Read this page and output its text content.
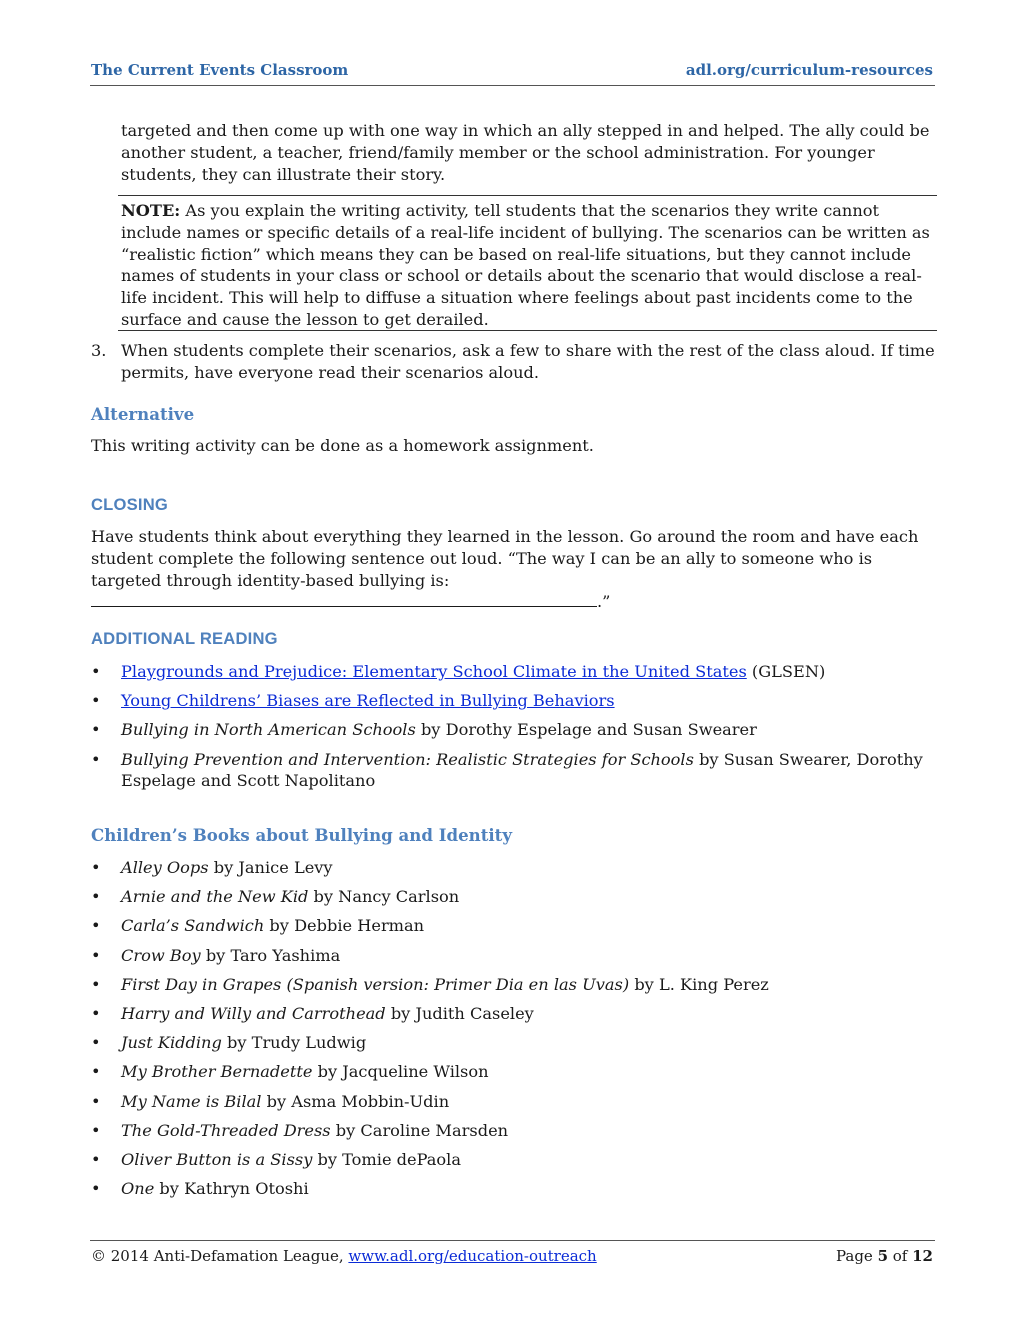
The Current Events Classroom	adl.org/curriculum-resources

targeted and then come up with one way in which an ally stepped in and helped. The ally could be another student, a teacher, friend/family member or the school administration. For younger students, they can illustrate their story.

NOTE: As you explain the writing activity, tell students that the scenarios they write cannot include names or specific details of a real-life incident of bullying. The scenarios can be written as “realistic fiction” which means they can be based on real-life situations, but they cannot include names of students in your class or school or details about the scenario that would disclose a real-life incident. This will help to diffuse a situation where feelings about past incidents come to the surface and cause the lesson to get derailed.

3. When students complete their scenarios, ask a few to share with the rest of the class aloud. If time permits, have everyone read their scenarios aloud.

Alternative

This writing activity can be done as a homework assignment.

CLOSING

Have students think about everything they learned in the lesson. Go around the room and have each student complete the following sentence out loud. “The way I can be an ally to someone who is targeted through identity-based bullying is: .”

ADDITIONAL READING
• Playgrounds and Prejudice: Elementary School Climate in the United States (GLSEN)
• Young Childrens’ Biases are Reflected in Bullying Behaviors
• Bullying in North American Schools by Dorothy Espelage and Susan Swearer
• Bullying Prevention and Intervention: Realistic Strategies for Schools by Susan Swearer, Dorothy Espelage and Scott Napolitano
Children’s Books about Bullying and Identity
• Alley Oops by Janice Levy
• Arnie and the New Kid by Nancy Carlson
• Carla’s Sandwich by Debbie Herman
• Crow Boy by Taro Yashima
• First Day in Grapes (Spanish version: Primer Dia en las Uvas) by L. King Perez
• Harry and Willy and Carrothead by Judith Caseley
• Just Kidding by Trudy Ludwig
• My Brother Bernadette by Jacqueline Wilson
• My Name is Bilal by Asma Mobbin-Udin
• The Gold-Threaded Dress by Caroline Marsden
• Oliver Button is a Sissy by Tomie dePaola
• One by Kathryn Otoshi
© 2014 Anti-Defamation League, www.adl.org/education-outreach	Page 5 of 12
